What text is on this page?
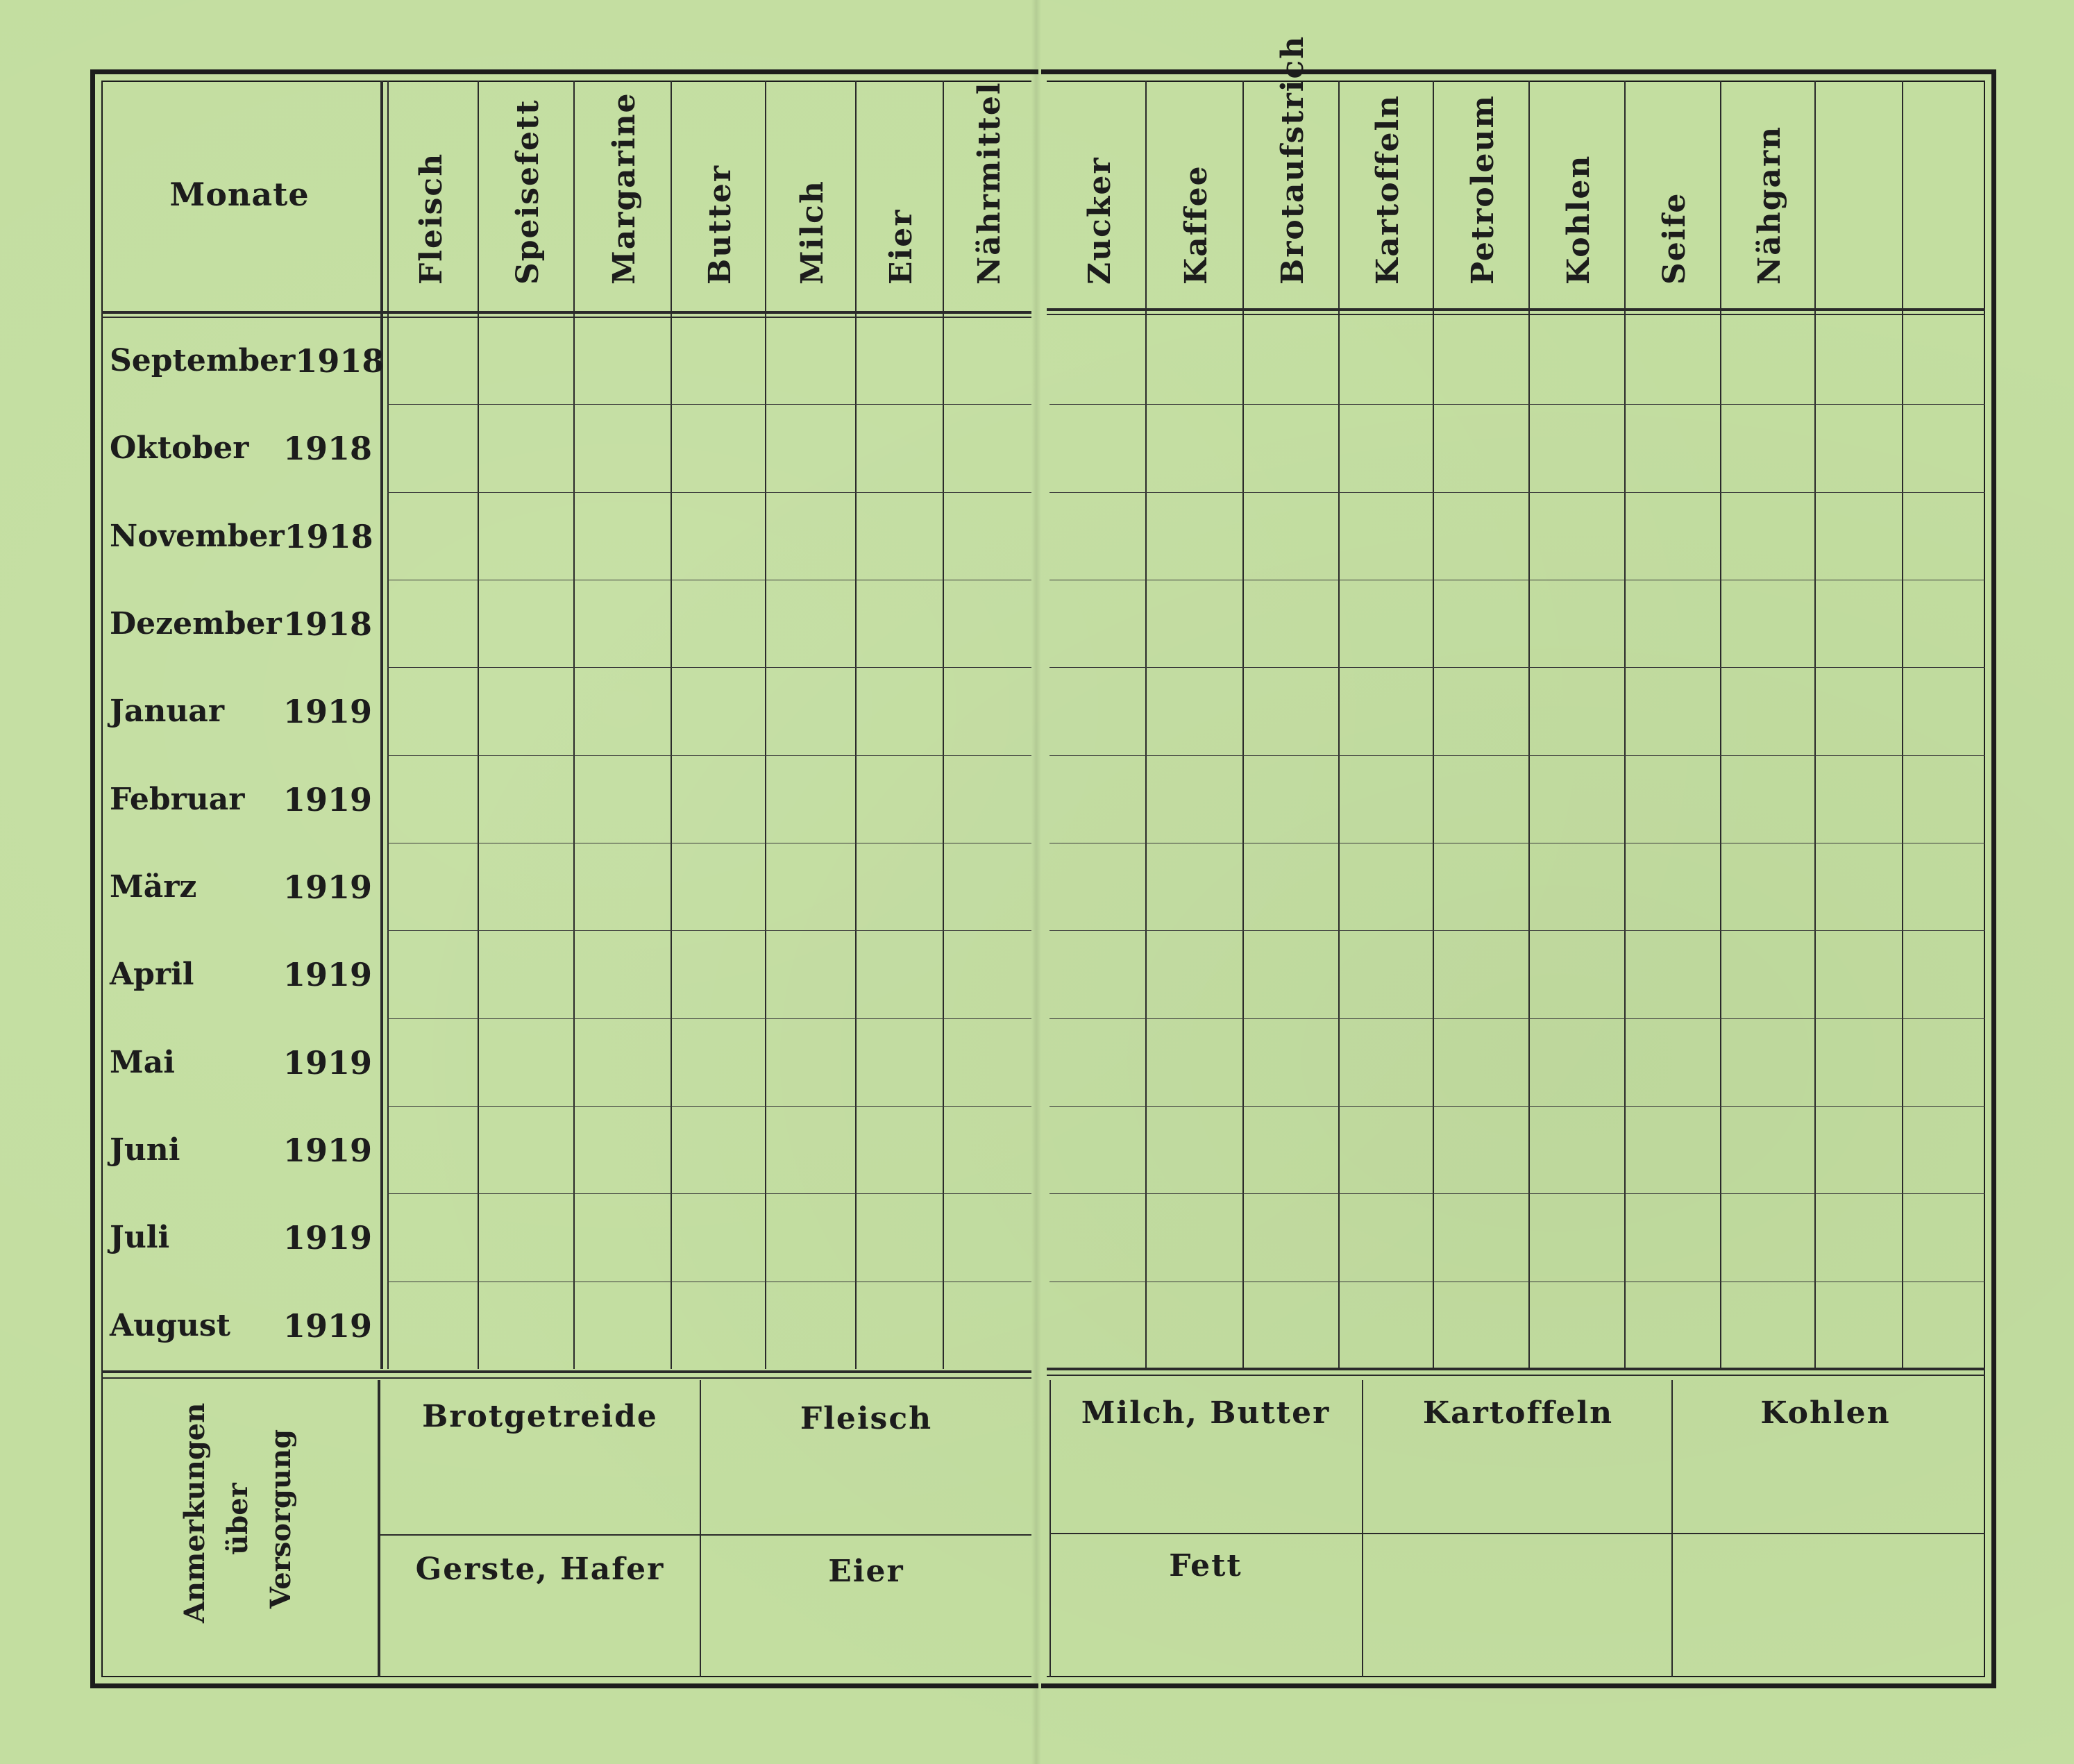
Monate	Fleisch Speisefett Margarine Butter Milch Eier Nährmittel Zucker Kaffee Brotaufstrich Kartoffeln Petroleum Kohlen Seife Nähgarn
September 1918
Oktober 1918
November 1918
Dezember 1918
Januar 1919
Februar 1919
März	1919
April	1919
Mai	1919
Juni	1919
Juli	1919
August 1919
Anmerkungen über Versorgung
Brotgetreide	Fleisch	Milch, Butter	Kartoffeln	Kohlen
Gerste, Hafer	Eier	Fett
